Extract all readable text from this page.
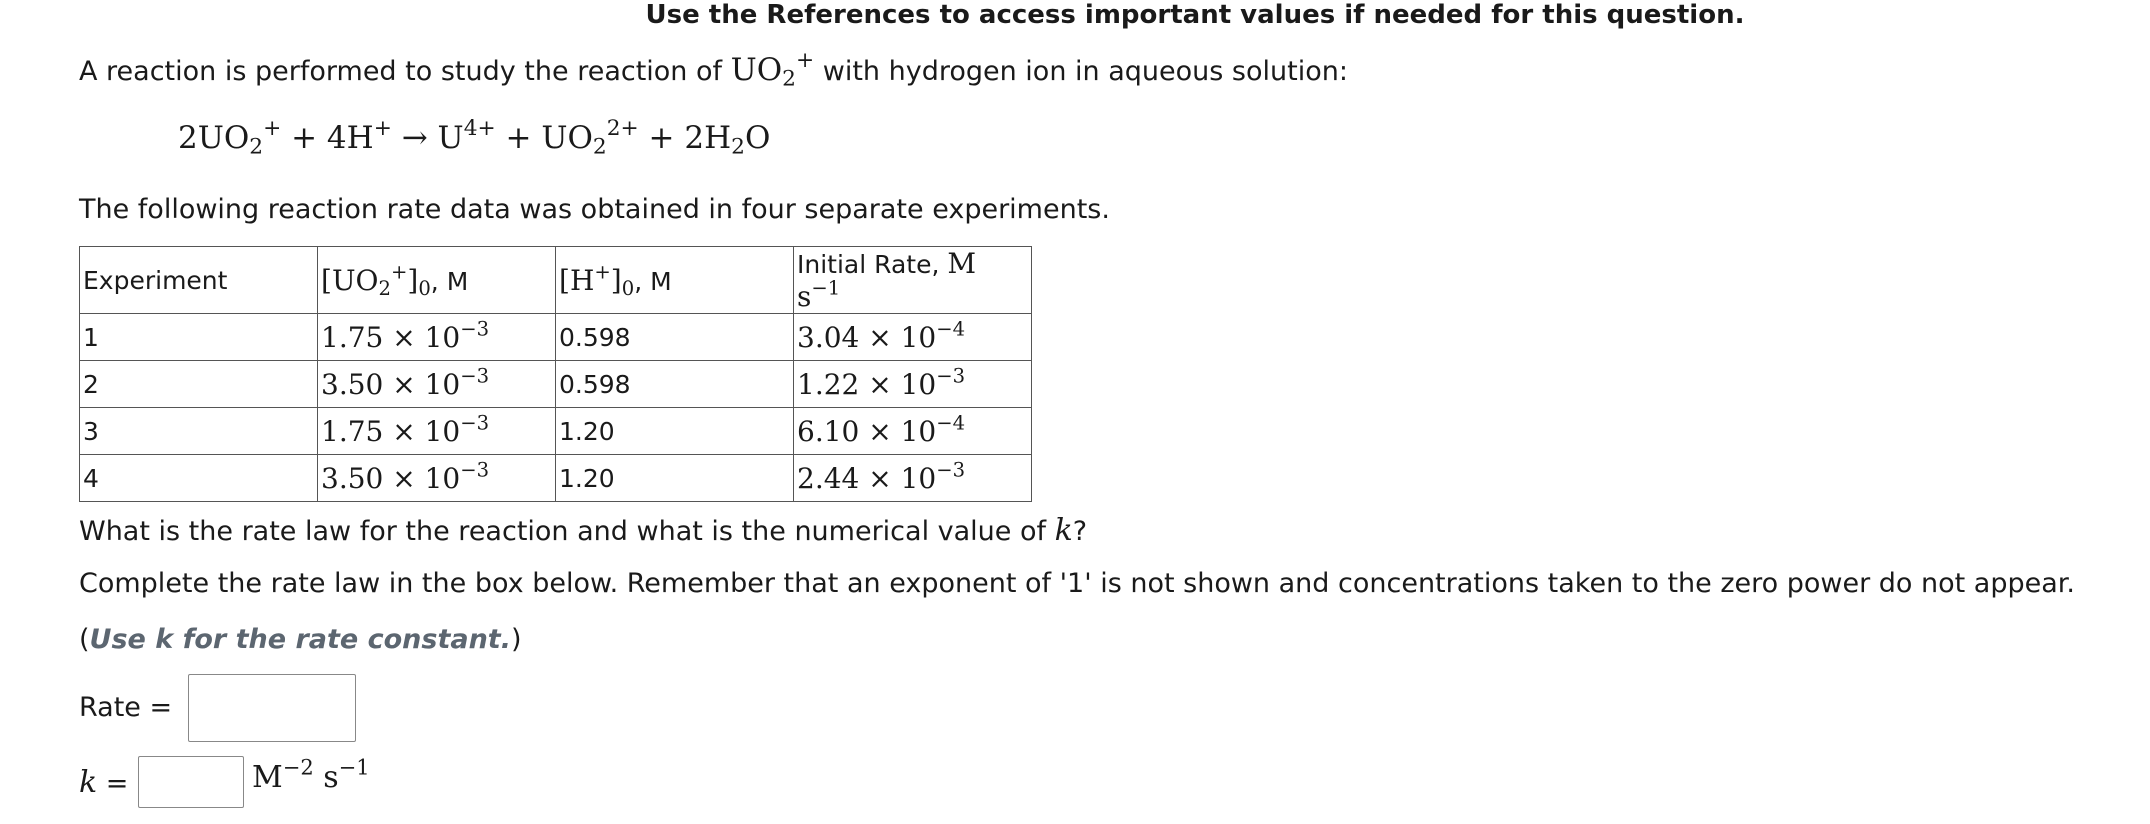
Use the References to access important values if needed for this question.
A reaction is performed to study the reaction of $UO_2^+$ with hydrogen ion in aqueous solution:
$2UO_2^+ + 4H^+ \to U^{4+} + UO_2^{2+} + 2H_2O$
The following reaction rate data was obtained in four separate experiments.
Experiment	$[UO_2^+]_0$, M	$[H^+]_0$, M	Initial Rate, M $s^{-1}$
1	$1.75 \times 10^{-3}$	0.598	$3.04 \times 10^{-4}$
2	$3.50 \times 10^{-3}$	0.598	$1.22 \times 10^{-3}$
3	$1.75 \times 10^{-3}$	1.20	$6.10 \times 10^{-4}$
4	$3.50 \times 10^{-3}$	1.20	$2.44 \times 10^{-3}$
What is the rate law for the reaction and what is the numerical value of k?
Complete the rate law in the box below. Remember that an exponent of '1' is not shown and concentrations taken to the zero power do not appear.
(Use k for the rate constant.)
Rate =
k =	$M^{-2}$ $s^{-1}$
